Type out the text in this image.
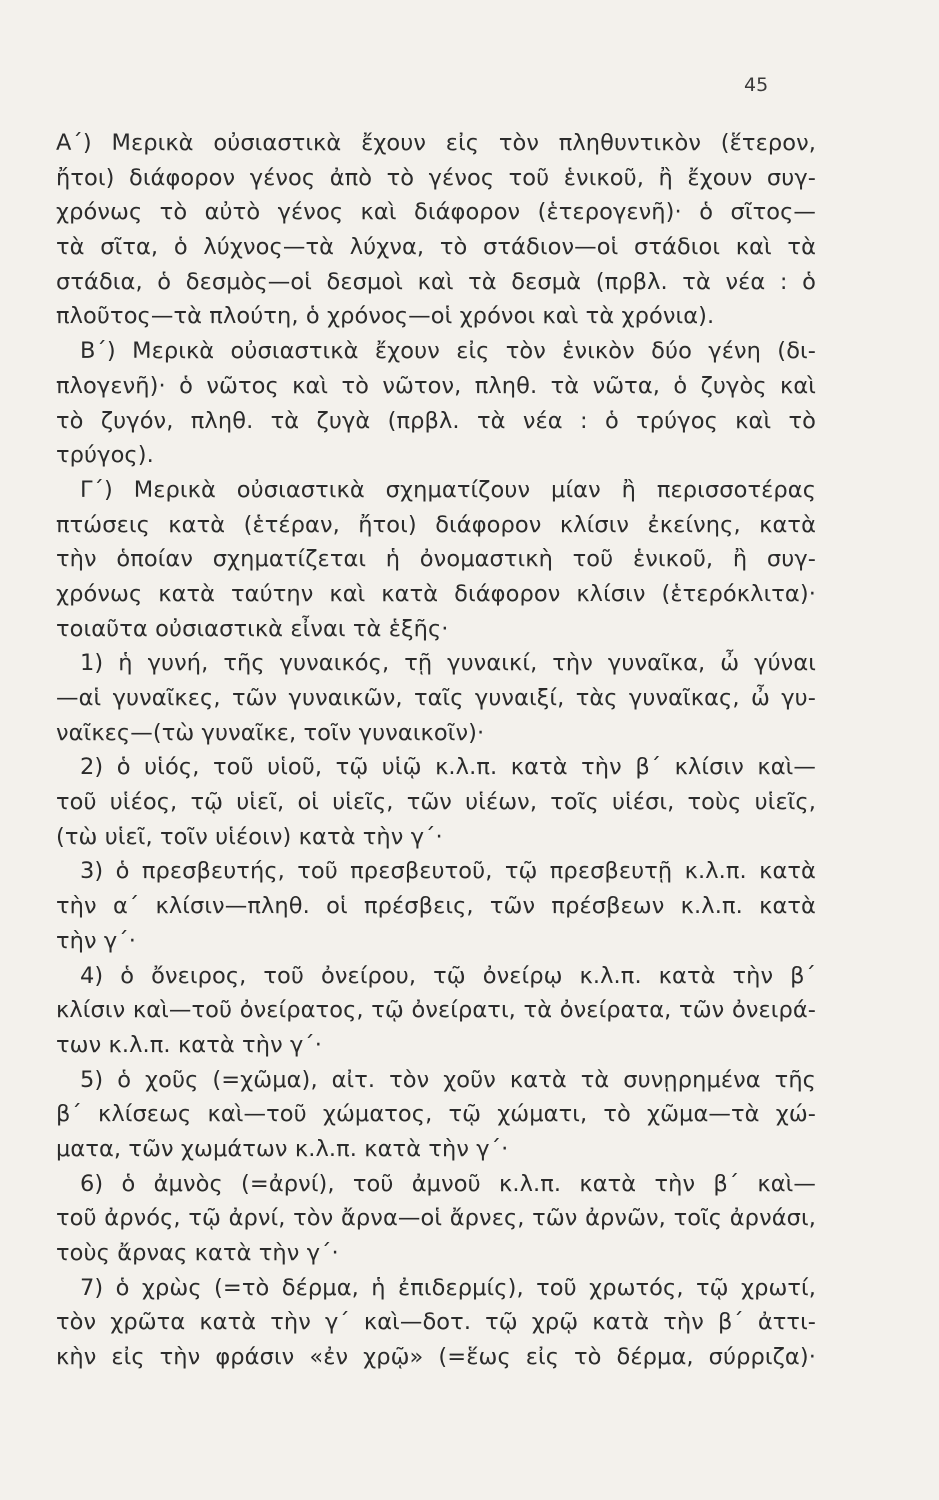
45
Α΄) Μερικὰ οὐσιαστικὰ ἔχουν εἰς τὸν πληθυντικὸν (ἕτερον,
ἤτοι) διάφορον γένος ἀπὸ τὸ γένος τοῦ ἑνικοῦ, ἢ ἔχουν συγ-
χρόνως τὸ αὐτὸ γένος καὶ διάφορον (ἑτερογενῆ)· ὁ σῖτος—
τὰ σῖτα, ὁ λύχνος—τὰ λύχνα, τὸ στάδιον—οἱ στάδιοι καὶ τὰ
στάδια, ὁ δεσμὸς—οἱ δεσμοὶ καὶ τὰ δεσμὰ (πρβλ. τὰ νέα : ὁ
πλοῦτος—τὰ πλούτη, ὁ χρόνος—οἱ χρόνοι καὶ τὰ χρόνια).
Β΄) Μερικὰ οὐσιαστικὰ ἔχουν εἰς τὸν ἑνικὸν δύο γένη (δι-
πλογενῆ)· ὁ νῶτος καὶ τὸ νῶτον, πληθ. τὰ νῶτα, ὁ ζυγὸς καὶ
τὸ ζυγόν, πληθ. τὰ ζυγὰ (πρβλ. τὰ νέα : ὁ τρύγος καὶ τὸ
τρύγος).
Γ΄) Μερικὰ οὐσιαστικὰ σχηματίζουν μίαν ἢ περισσοτέρας
πτώσεις κατὰ (ἑτέραν, ἤτοι) διάφορον κλίσιν ἐκείνης, κατὰ
τὴν ὁποίαν σχηματίζεται ἡ ὀνομαστικὴ τοῦ ἑνικοῦ, ἢ συγ-
χρόνως κατὰ ταύτην καὶ κατὰ διάφορον κλίσιν (ἑτερόκλιτα)·
τοιαῦτα οὐσιαστικὰ εἶναι τὰ ἑξῆς·
1) ἡ γυνή, τῆς γυναικός, τῇ γυναικί, τὴν γυναῖκα, ὦ γύναι
—αἱ γυναῖκες, τῶν γυναικῶν, ταῖς γυναιξί, τὰς γυναῖκας, ὦ γυ-
ναῖκες—(τὼ γυναῖκε, τοῖν γυναικοῖν)·
2) ὁ υἱός, τοῦ υἱοῦ, τῷ υἱῷ κ.λ.π. κατὰ τὴν β΄ κλίσιν καὶ—
τοῦ υἱέος, τῷ υἱεῖ, οἱ υἱεῖς, τῶν υἱέων, τοῖς υἱέσι, τοὺς υἱεῖς,
(τὼ υἱεῖ, τοῖν υἱέοιν) κατὰ τὴν γ΄·
3) ὁ πρεσβευτής, τοῦ πρεσβευτοῦ, τῷ πρεσβευτῇ κ.λ.π. κατὰ
τὴν α΄ κλίσιν—πληθ. οἱ πρέσβεις, τῶν πρέσβεων κ.λ.π. κατὰ
τὴν γ΄·
4) ὁ ὄνειρος, τοῦ ὀνείρου, τῷ ὀνείρῳ κ.λ.π. κατὰ τὴν β΄
κλίσιν καὶ—τοῦ ὀνείρατος, τῷ ὀνείρατι, τὰ ὀνείρατα, τῶν ὀνειρά-
των κ.λ.π. κατὰ τὴν γ΄·
5) ὁ χοῦς (=χῶμα), αἰτ. τὸν χοῦν κατὰ τὰ συνῃρημένα τῆς
β΄ κλίσεως καὶ—τοῦ χώματος, τῷ χώματι, τὸ χῶμα—τὰ χώ-
ματα, τῶν χωμάτων κ.λ.π. κατὰ τὴν γ΄·
6) ὁ ἀμνὸς (=ἀρνί), τοῦ ἀμνοῦ κ.λ.π. κατὰ τὴν β΄ καὶ—
τοῦ ἀρνός, τῷ ἀρνί, τὸν ἄρνα—οἱ ἄρνες, τῶν ἀρνῶν, τοῖς ἀρνάσι,
τοὺς ἄρνας κατὰ τὴν γ΄·
7) ὁ χρὼς (=τὸ δέρμα, ἡ ἐπιδερμίς), τοῦ χρωτός, τῷ χρωτί,
τὸν χρῶτα κατὰ τὴν γ΄ καὶ—δοτ. τῷ χρῷ κατὰ τὴν β΄ ἀττι-
κὴν εἰς τὴν φράσιν «ἐν χρῷ» (=ἕως εἰς τὸ δέρμα, σύρριζα)·
